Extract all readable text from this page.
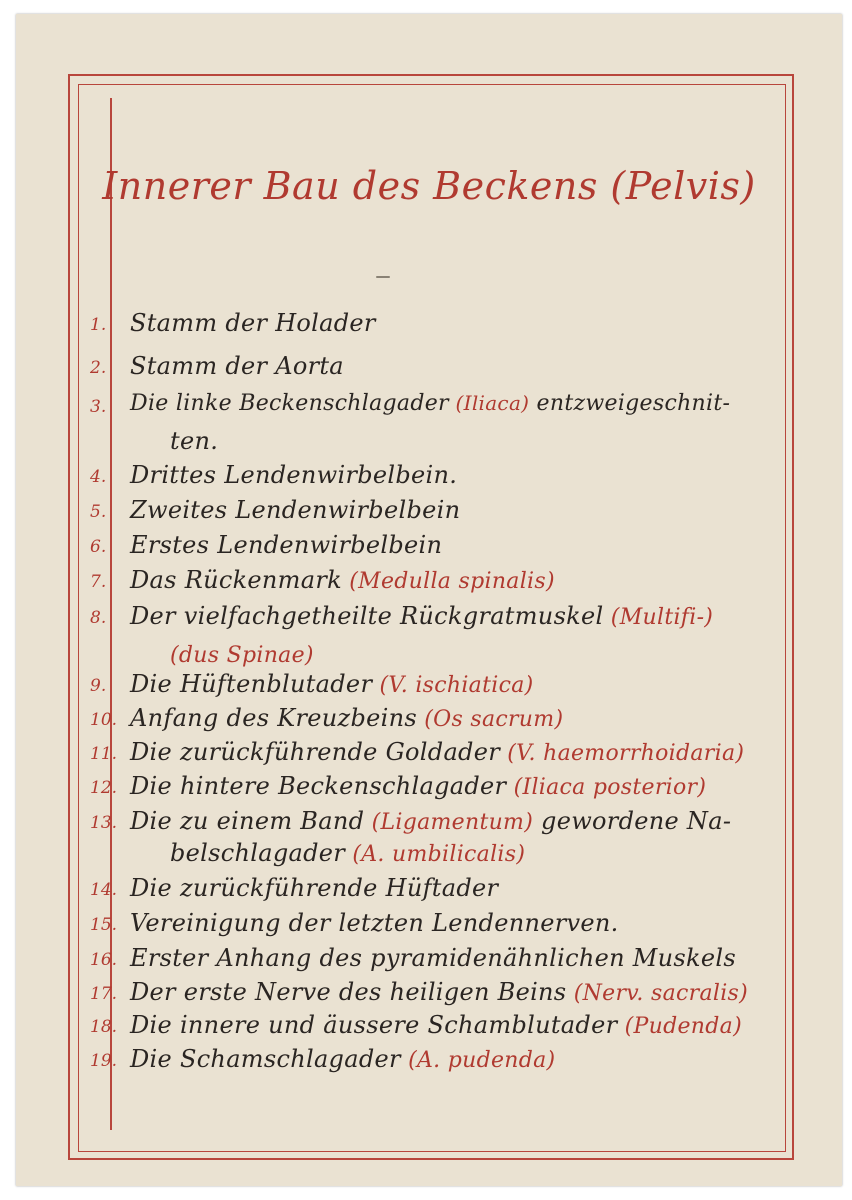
Innerer Bau des Beckens (Pelvis)
1. Stamm der Holader
2. Stamm der Aorta
3.	Die linke Beckenschlagader (Iliaca) entzweigeschnit-
ten.
4. Drittes Lendenwirbelbein.
5. Zweites Lendenwirbelbein
6. Erstes Lendenwirbelbein
7. Das Rückenmark (Medulla spinalis)
8. Der vielfachgetheilte Rückgratmuskel (Multifi-)
(dus Spinae)
9. Die Hüftenblutader (V. ischiatica)
10. Anfang des Kreuzbeins (Os sacrum)
11. Die zurückführende Goldader (V. haemorrhoidaria)
12. Die hintere Beckenschlagader (Iliaca posterior)
13. Die zu einem Band (Ligamentum) gewordene Na-
belschlagader (A. umbilicalis)
14. Die zurückführende Hüftader
15. Vereinigung der letzten Lendennerven.
16. Erster Anhang des pyramidenähnlichen Muskels
17. Der erste Nerve des heiligen Beins (Nerv. sacralis)
18. Die innere und äussere Schamblutader (Pudenda)
19. Die Schamschlagader (A. pudenda)
